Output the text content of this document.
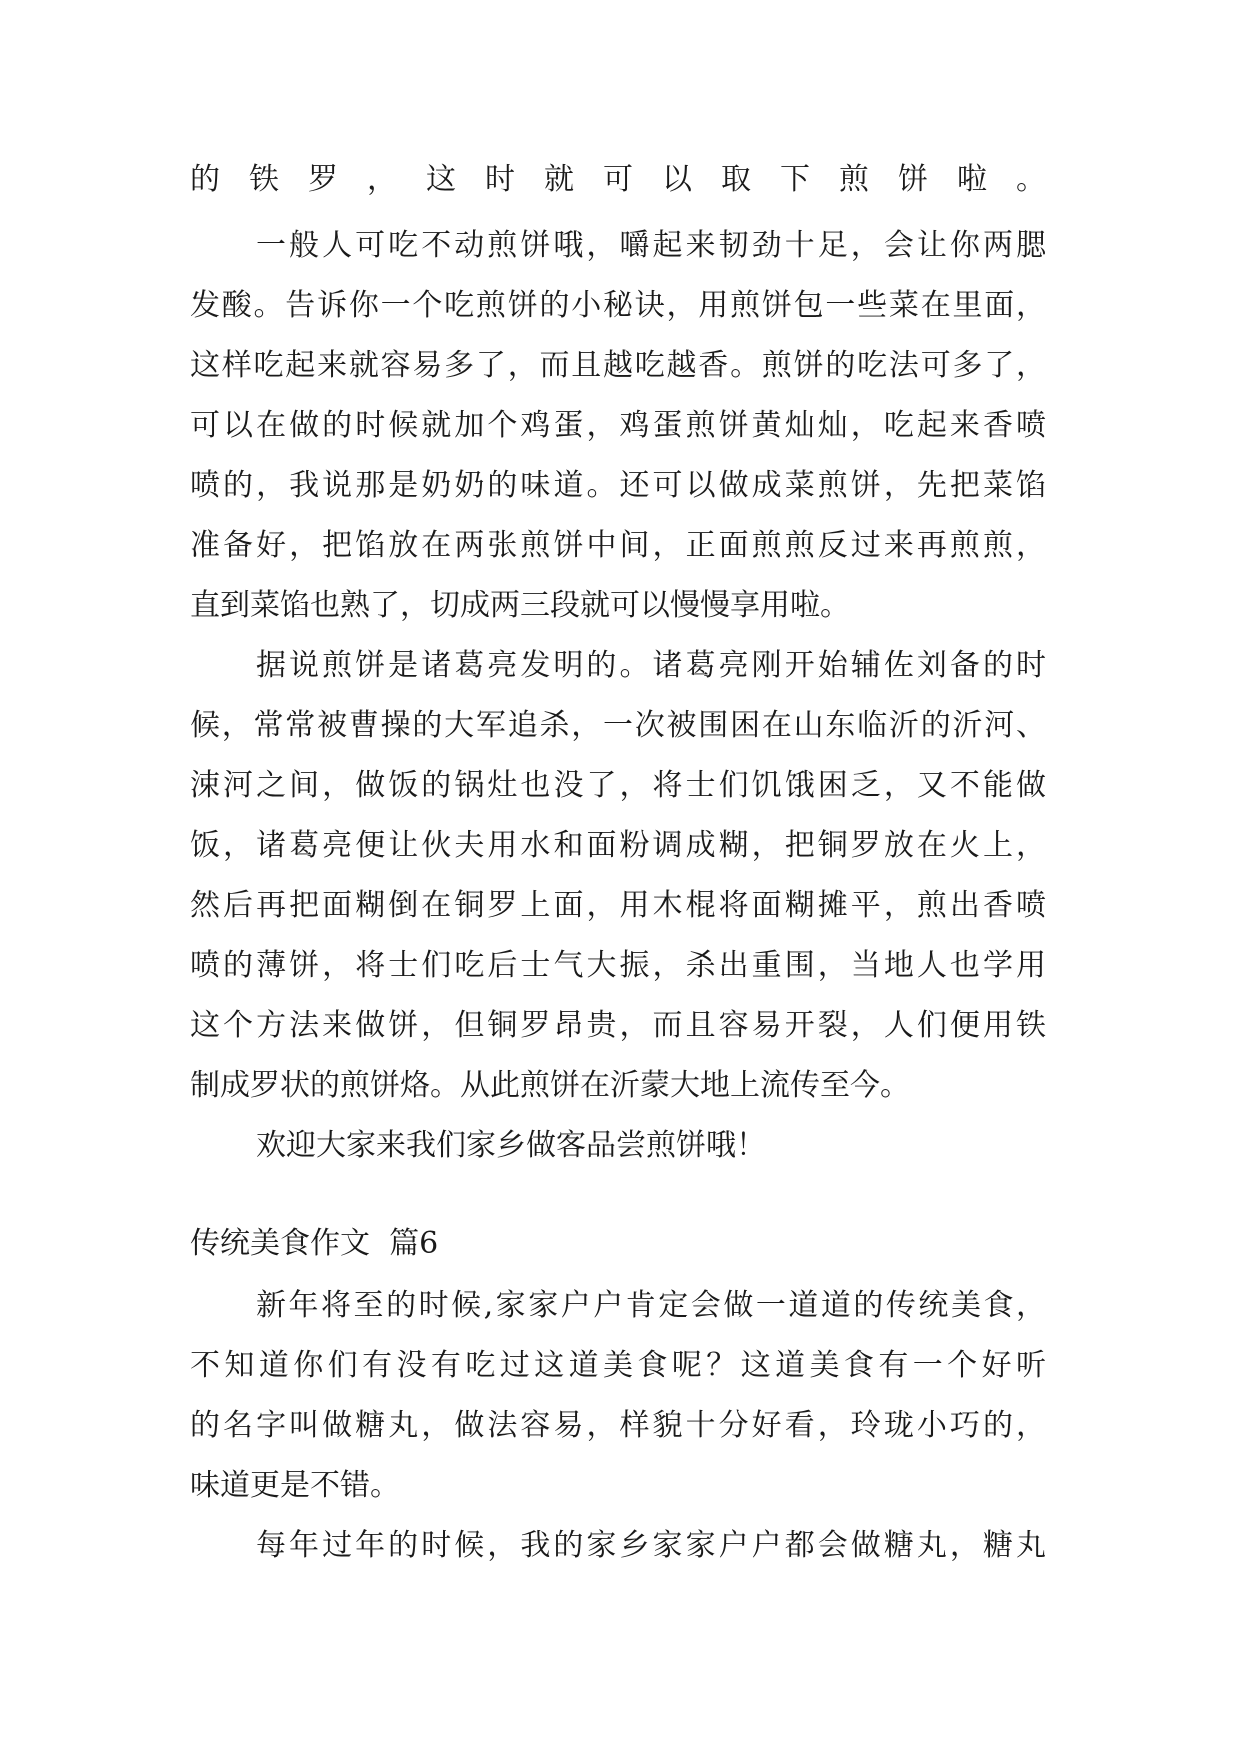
的铁罗，这时就可以取下煎饼啦。
一般人可吃不动煎饼哦，嚼起来韧劲十足，会让你两腮
发酸。告诉你一个吃煎饼的小秘诀，用煎饼包一些菜在里面，
这样吃起来就容易多了，而且越吃越香。煎饼的吃法可多了，
可以在做的时候就加个鸡蛋，鸡蛋煎饼黄灿灿，吃起来香喷
喷的，我说那是奶奶的味道。还可以做成菜煎饼，先把菜馅
准备好，把馅放在两张煎饼中间，正面煎煎反过来再煎煎，
直到菜馅也熟了，切成两三段就可以慢慢享用啦。
据说煎饼是诸葛亮发明的。诸葛亮刚开始辅佐刘备的时
候，常常被曹操的大军追杀，一次被围困在山东临沂的沂河、
涑河之间，做饭的锅灶也没了，将士们饥饿困乏，又不能做
饭，诸葛亮便让伙夫用水和面粉调成糊，把铜罗放在火上，
然后再把面糊倒在铜罗上面，用木棍将面糊摊平，煎出香喷
喷的薄饼，将士们吃后士气大振，杀出重围，当地人也学用
这个方法来做饼，但铜罗昂贵，而且容易开裂，人们便用铁
制成罗状的煎饼烙。从此煎饼在沂蒙大地上流传至今。
欢迎大家来我们家乡做客品尝煎饼哦！
传统美食作文  篇6
新年将至的时候,家家户户肯定会做一道道的传统美食，
不知道你们有没有吃过这道美食呢？这道美食有一个好听
的名字叫做糖丸，做法容易，样貌十分好看，玲珑小巧的，
味道更是不错。
每年过年的时候，我的家乡家家户户都会做糖丸，糖丸
